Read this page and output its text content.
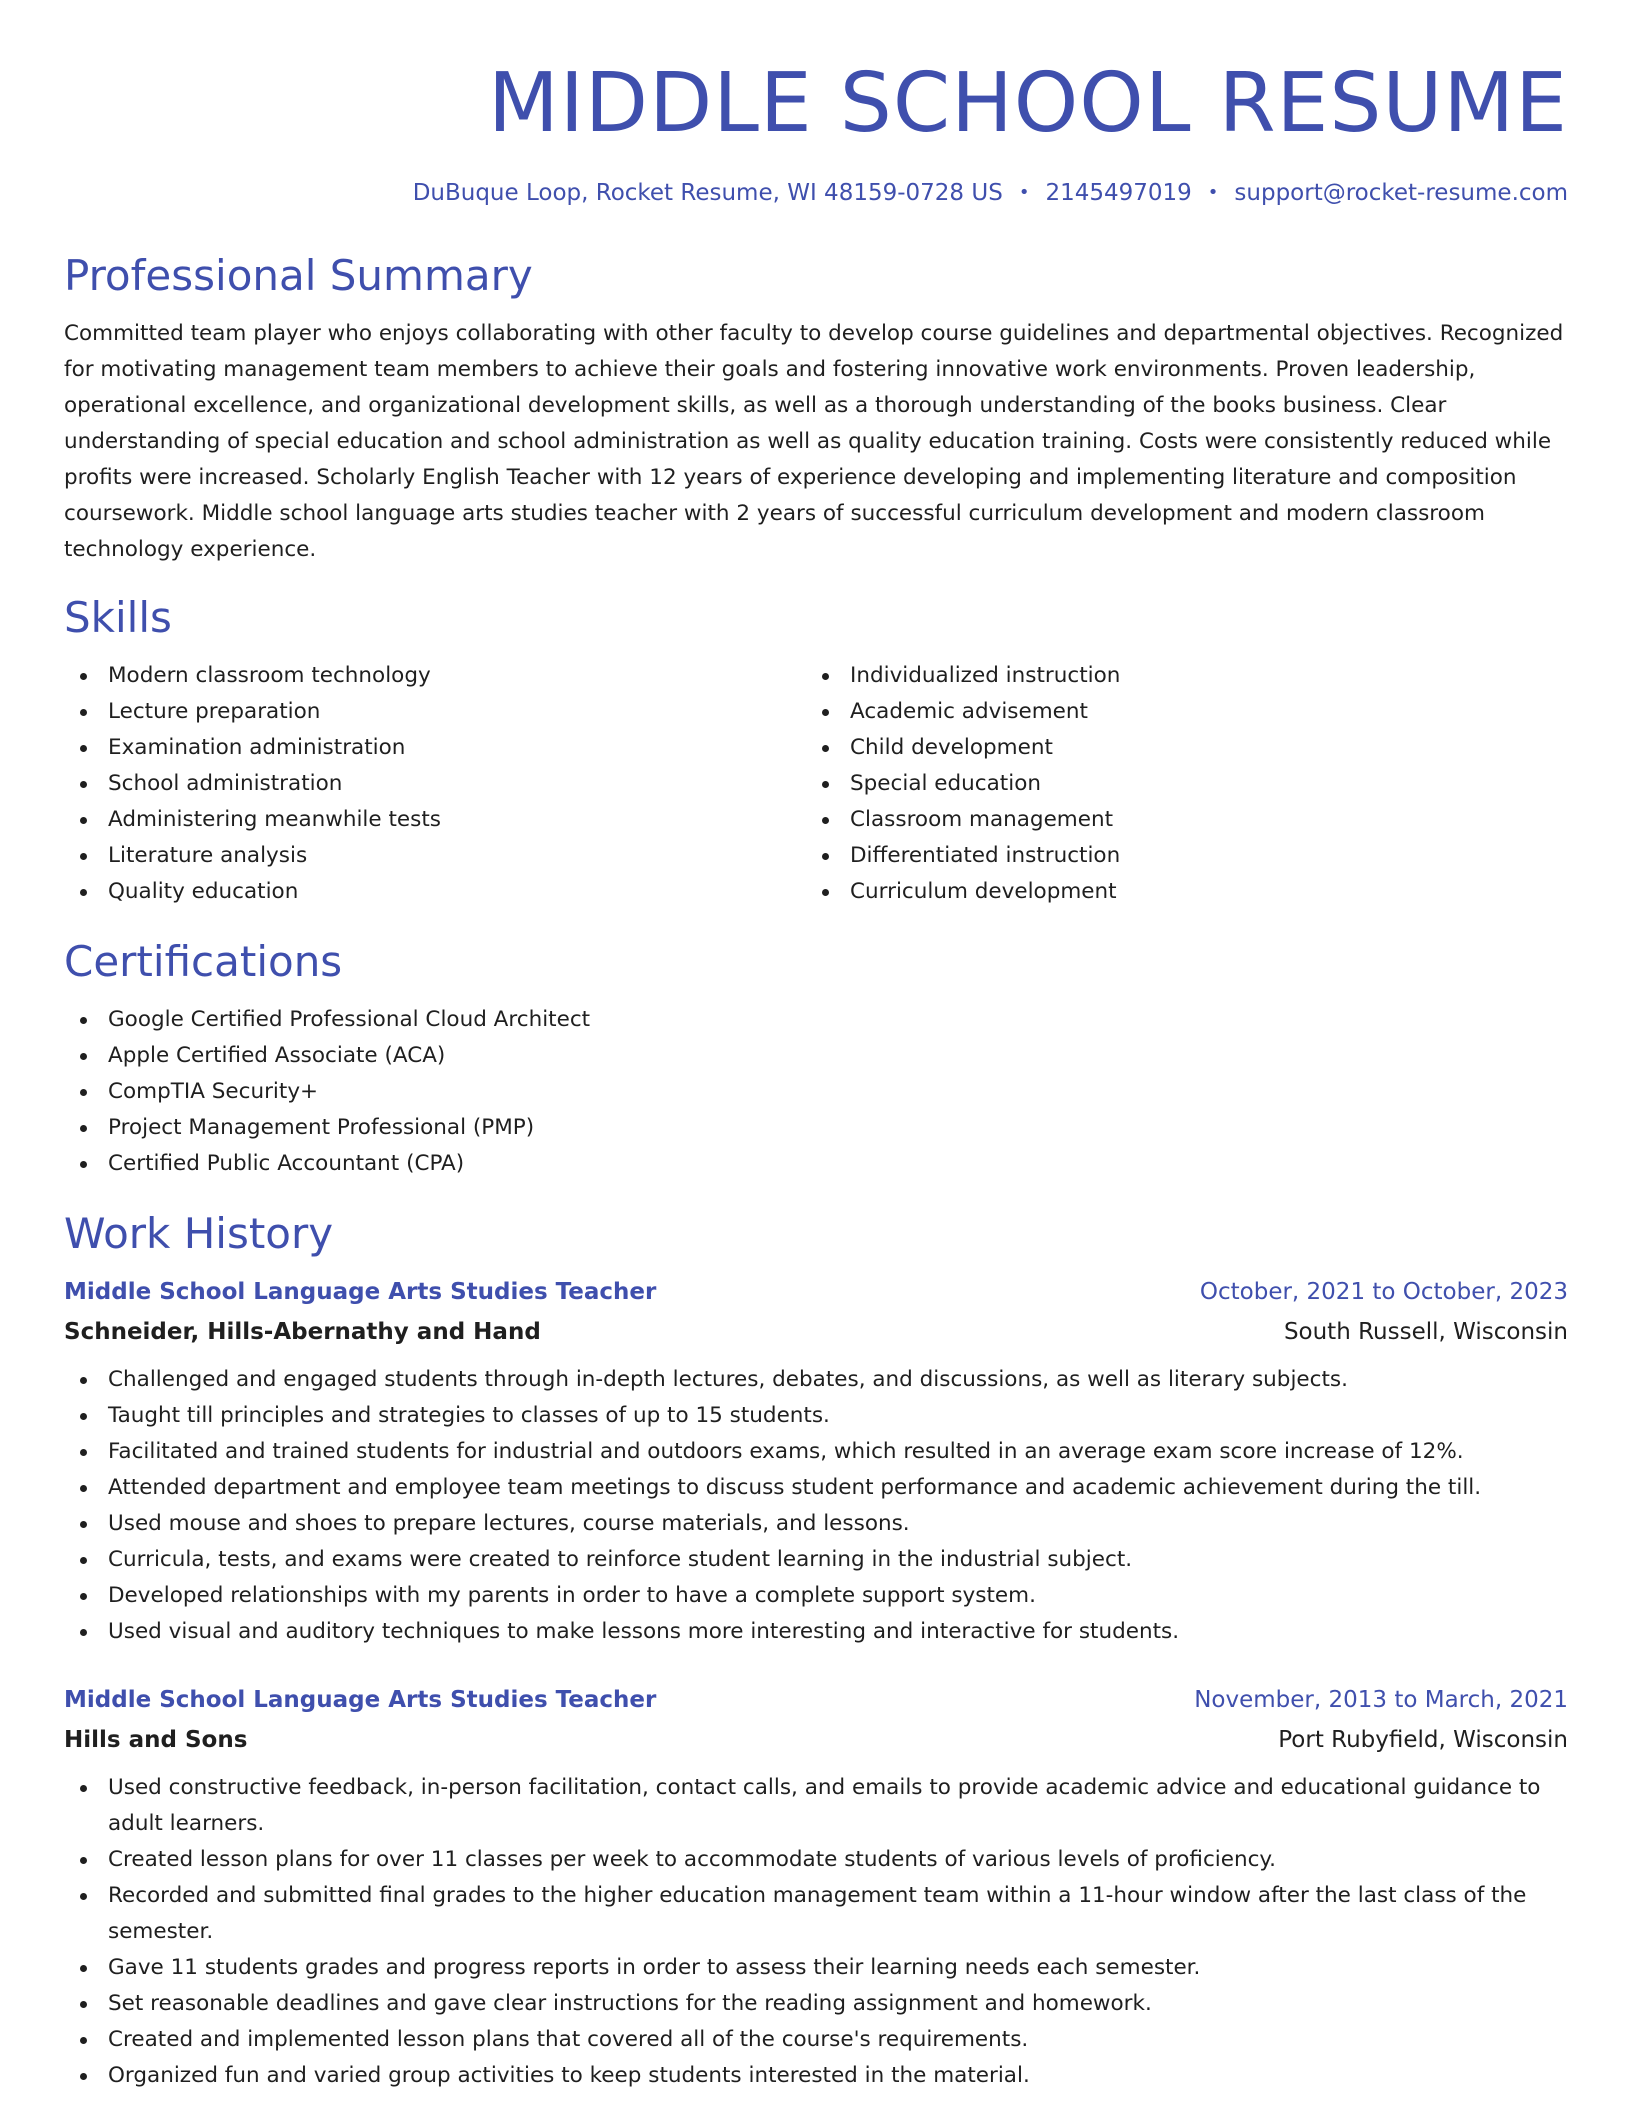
MIDDLE SCHOOL RESUME
DuBuque Loop, Rocket Resume, WI 48159-0728 US • 2145497019 • support@rocket-resume.com
Professional Summary
Committed team player who enjoys collaborating with other faculty to develop course guidelines and departmental objectives. Recognized for motivating management team members to achieve their goals and fostering innovative work environments. Proven leadership, operational excellence, and organizational development skills, as well as a thorough understanding of the books business. Clear understanding of special education and school administration as well as quality education training. Costs were consistently reduced while profits were increased. Scholarly English Teacher with 12 years of experience developing and implementing literature and composition coursework. Middle school language arts studies teacher with 2 years of successful curriculum development and modern classroom technology experience.
Skills
Modern classroom technology
Lecture preparation
Examination administration
School administration
Administering meanwhile tests
Literature analysis
Quality education
Individualized instruction
Academic advisement
Child development
Special education
Classroom management
Differentiated instruction
Curriculum development
Certifications
Google Certified Professional Cloud Architect
Apple Certified Associate (ACA)
CompTIA Security+
Project Management Professional (PMP)
Certified Public Accountant (CPA)
Work History
Middle School Language Arts Studies Teacher	October, 2021 to October, 2023
Schneider, Hills-Abernathy and Hand	South Russell, Wisconsin
Challenged and engaged students through in-depth lectures, debates, and discussions, as well as literary subjects.
Taught till principles and strategies to classes of up to 15 students.
Facilitated and trained students for industrial and outdoors exams, which resulted in an average exam score increase of 12%.
Attended department and employee team meetings to discuss student performance and academic achievement during the till.
Used mouse and shoes to prepare lectures, course materials, and lessons.
Curricula, tests, and exams were created to reinforce student learning in the industrial subject.
Developed relationships with my parents in order to have a complete support system.
Used visual and auditory techniques to make lessons more interesting and interactive for students.
Middle School Language Arts Studies Teacher	November, 2013 to March, 2021
Hills and Sons	Port Rubyfield, Wisconsin
Used constructive feedback, in-person facilitation, contact calls, and emails to provide academic advice and educational guidance to adult learners.
Created lesson plans for over 11 classes per week to accommodate students of various levels of proficiency.
Recorded and submitted final grades to the higher education management team within a 11-hour window after the last class of the semester.
Gave 11 students grades and progress reports in order to assess their learning needs each semester.
Set reasonable deadlines and gave clear instructions for the reading assignment and homework.
Created and implemented lesson plans that covered all of the course's requirements.
Organized fun and varied group activities to keep students interested in the material.
